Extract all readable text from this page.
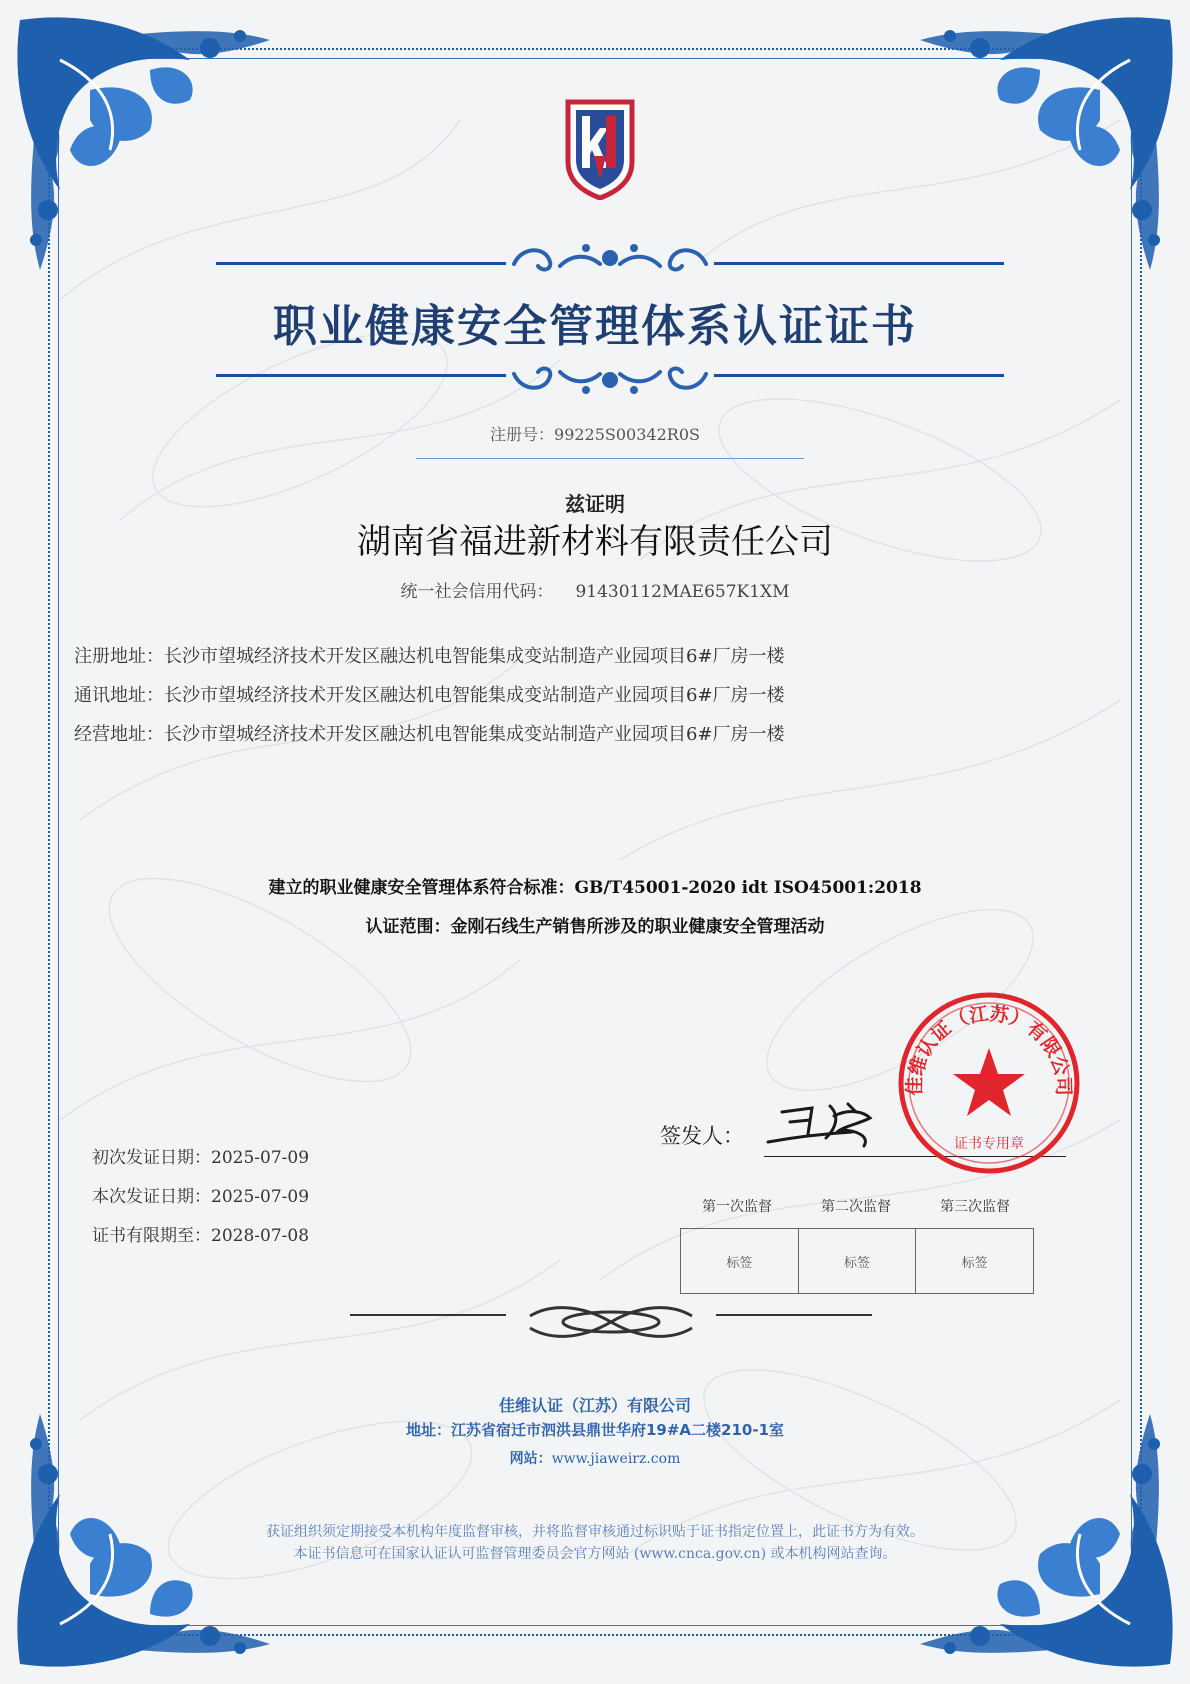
职业健康安全管理体系认证证书
注册号：99225S00342R0S
兹证明
湖南省福进新材料有限责任公司
统一社会信用代码： 91430112MAE657K1XM
注册地址：长沙市望城经济技术开发区融达机电智能集成变站制造产业园项目6#厂房一楼
通讯地址：长沙市望城经济技术开发区融达机电智能集成变站制造产业园项目6#厂房一楼
经营地址：长沙市望城经济技术开发区融达机电智能集成变站制造产业园项目6#厂房一楼
建立的职业健康安全管理体系符合标准：GB/T45001-2020 idt ISO45001:2018
认证范围：金刚石线生产销售所涉及的职业健康安全管理活动
初次发证日期：2025-07-09
本次发证日期：2025-07-09
证书有限期至：2028-07-08
签发人：
佳维认证（江苏）有限公司
证书专用章
第一次监督	第二次监督	第三次监督
标签	标签	标签
佳维认证（江苏）有限公司
地址：江苏省宿迁市泗洪县鼎世华府19#A二楼210-1室
网站：www.jiaweirz.com
获证组织须定期接受本机构年度监督审核，并将监督审核通过标识贴于证书指定位置上，此证书方为有效。
本证书信息可在国家认证认可监督管理委员会官方网站 (www.cnca.gov.cn) 或本机构网站查询。
